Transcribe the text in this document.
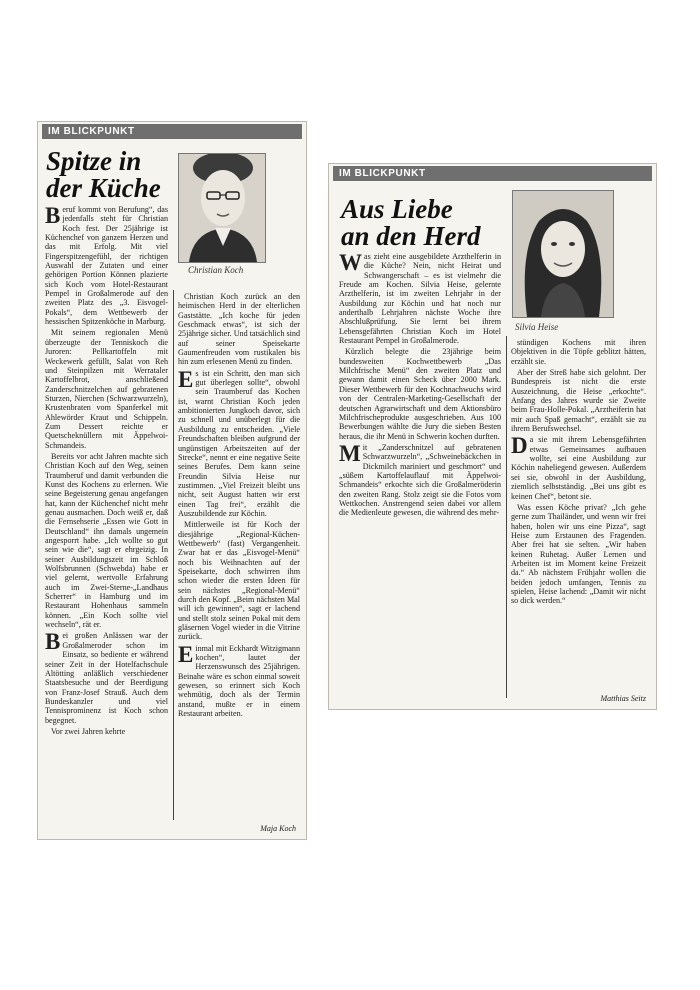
IM BLICKPUNKT
Spitze in
der Küche
Christian Koch

Beruf kommt von Berufung“, das jedenfalls steht für Christian Koch fest. Der 25jährige ist Küchenchef von ganzem Herzen und das mit Erfolg. Mit viel Fingerspitzengefühl, der richtigen Auswahl der Zutaten und einer gehörigen Portion Können plazierte sich Koch vom Hotel-Restaurant Pempel in Großalmerode auf den zweiten Platz des „3. Eisvogel-Pokals“, dem Wettbewerb der hessischen Spitzenköche in Marburg.

Mit seinem regionalen Menü überzeugte der Tenniskoch die Juroren: Pellkartoffeln mit Weckewerk gefüllt, Salat von Reh und Steinpilzen mit Werrataler Kartoffelbrot, anschließend Zanderschnitzelchen auf gebratenen Sturzen, Nierchen (Schwarzwurzeln), Krustenbraten vom Spanferkel mit Ahlewörder Kraut und Schippeln. Zum Dessert reichte er Quetscheknüllern mit Äppelwoi-Schmandeis.

Bereits vor acht Jahren machte sich Christian Koch auf den Weg, seinen Traumberuf und damit verbunden die Kunst des Kochens zu erlernen. Wie seine Begeisterung genau angefangen hat, kann der Küchenchef nicht mehr genau ausmachen. Doch weiß er, daß die Fernsehserie „Essen wie Gott in Deutschland“ ihn damals ungemein angesporrt habe. „Ich wollte so gut sein wie die“, sagt er ehrgeizig. In seiner Ausbildungszeit im Schloß Wolfsbrunnen (Schwebda) habe er viel gelernt, wertvolle Erfahrung auch im Zwei-Sterne-„Landhaus Scherrer“ in Hamburg und im Restaurant Hohenhaus sammeln können. „Ein Koch sollte viel wechseln“, rät er.

Bei großen Anlässen war der Großalmeroder schon im Einsatz, so bediente er während seiner Zeit in der Hotelfachschule Altötting anläßlich verschiedener Staatsbesuche und der Beerdigung von Franz-Josef Strauß. Auch dem Bundeskanzler und viel Tennisprominenz ist Koch schon begegnet.

Vor zwei Jahren kehrte

Christian Koch zurück an den heimischen Herd in der elterlichen Gaststätte. „Ich koche für jeden Geschmack etwas“, ist sich der 25jährige sicher. Und tatsächlich sind auf seiner Speisekarte Gaumenfreuden vom rustikalen bis hin zum erlesenen Menü zu finden.

Es ist ein Schritt, den man sich gut überlegen sollte“, obwohl sein Traumberuf das Kochen ist, warnt Christian Koch jeden ambitionierten Jungkoch davor, sich zu schnell und unüberlegt für die Ausbildung zu entscheiden. „Viele Freundschaften bleiben aufgrund der ungünstigen Arbeitszeiten auf der Strecke“, nennt er eine negative Seite seines Berufes. Dem kann seine Freundin Silvia Heise nur zustimmen. „Viel Freizeit bleibt uns nicht, seit August hatten wir erst einen Tag frei“, erzählt die Auszubildende zur Köchin.

Mittlerweile ist für Koch der diesjährige „Regional-Küchen-Wettbewerb“ (fast) Vergangenheit. Zwar hat er das „Eisvogel-Menü“ noch bis Weihnachten auf der Speisekarte, doch schwirren ihm schon wieder die ersten Ideen für sein nächstes „Regional-Menü“ durch den Kopf. „Beim nächsten Mal will ich gewinnen“, sagt er lachend und stellt stolz seinen Pokal mit dem gläsernen Vogel wieder in die Vitrine zurück.

Einmal mit Eckhardt Witzigmann kochen“, lautet der Herzenswunsch des 25jährigen. Beinahe wäre es schon einmal soweit gewesen, so erinnert sich Koch wehmütig, doch als der Termin anstand, mußte er in einem Restaurant arbeiten.

Maja Koch
IM BLICKPUNKT
Aus Liebe
an den Herd
Silvia Heise

Was zieht eine ausgebildete Arzthelferin in die Küche? Nein, nicht Heirat und Schwangerschaft – es ist vielmehr die Freude am Kochen. Silvia Heise, gelernte Arzthelferin, ist im zweiten Lehrjahr in der Ausbildung zur Köchin und hat noch nur anderthalb Lehrjahren nächste Woche ihre Abschlußprüfung. Sie lernt bei ihrem Lebensgefährten Christian Koch im Hotel Restaurant Pempel in Großalmerode.

Kürzlich belegte die 23jährige beim bundesweiten Kochwettbewerb „Das Milchfrische Menü“ den zweiten Platz und gewann damit einen Scheck über 2000 Mark. Dieser Wettbewerb für den Kochnachwuchs wird von der Centralen-Marketing-Gesellschaft der deutschen Agrarwirtschaft und dem Aktionsbüro Milchfrischeprodukte ausgeschrieben. Aus 100 Bewerbungen wählte die Jury die sieben Besten heraus, die ihr Menü in Schwerin kochen durften.

Mit „Zanderschnitzel auf gebratenen Schwarzwurzeln“, „Schweinebäckchen in Dickmilch mariniert und geschmort“ und „süßem Kartoffelauflauf mit Äppelwoi-Schmandeis“ erkochte sich die Großalmeröderin den zweiten Rang. Stolz zeigt sie die Fotos vom Wettkochen. Anstrengend seien dabei vor allem die Medienleute gewesen, die während des mehr-

stündigen Kochens mit ihren Objektiven in die Töpfe geblitzt hätten, erzählt sie.

Aber der Streß habe sich gelohnt. Der Bundespreis ist nicht die erste Auszeichnung, die Heise „erkochte“. Anfang des Jahres wurde sie Zweite beim Frau-Holle-Pokal. „Arztheiferin hat mir auch Spaß gemacht“, erzählt sie zu ihrem Berufswechsel.

Da sie mit ihrem Lebensgefährten etwas Gemeinsames aufbauen wollte, sei eine Ausbildung zur Köchin naheliegend gewesen. Außerdem sei sie, obwohl in der Ausbildung, ziemlich selbstständig. „Bei uns gibt es keinen Chef“, betont sie.

Was essen Köche privat? „Ich gehe gerne zum Thailänder, und wenn wir frei haben, holen wir uns eine Pizza“, sagt Heise zum Erstaunen des Fragenden. Aber frei hat sie selten. „Wir haben keinen Ruhetag. Außer Lernen und Arbeiten ist im Moment keine Freizeit da.“ Ab nächstem Frühjahr wollen die beiden jedoch umfangen, Tennis zu spielen, Heise lachend: „Damit wir nicht so dick werden.“

Matthias Seitz
